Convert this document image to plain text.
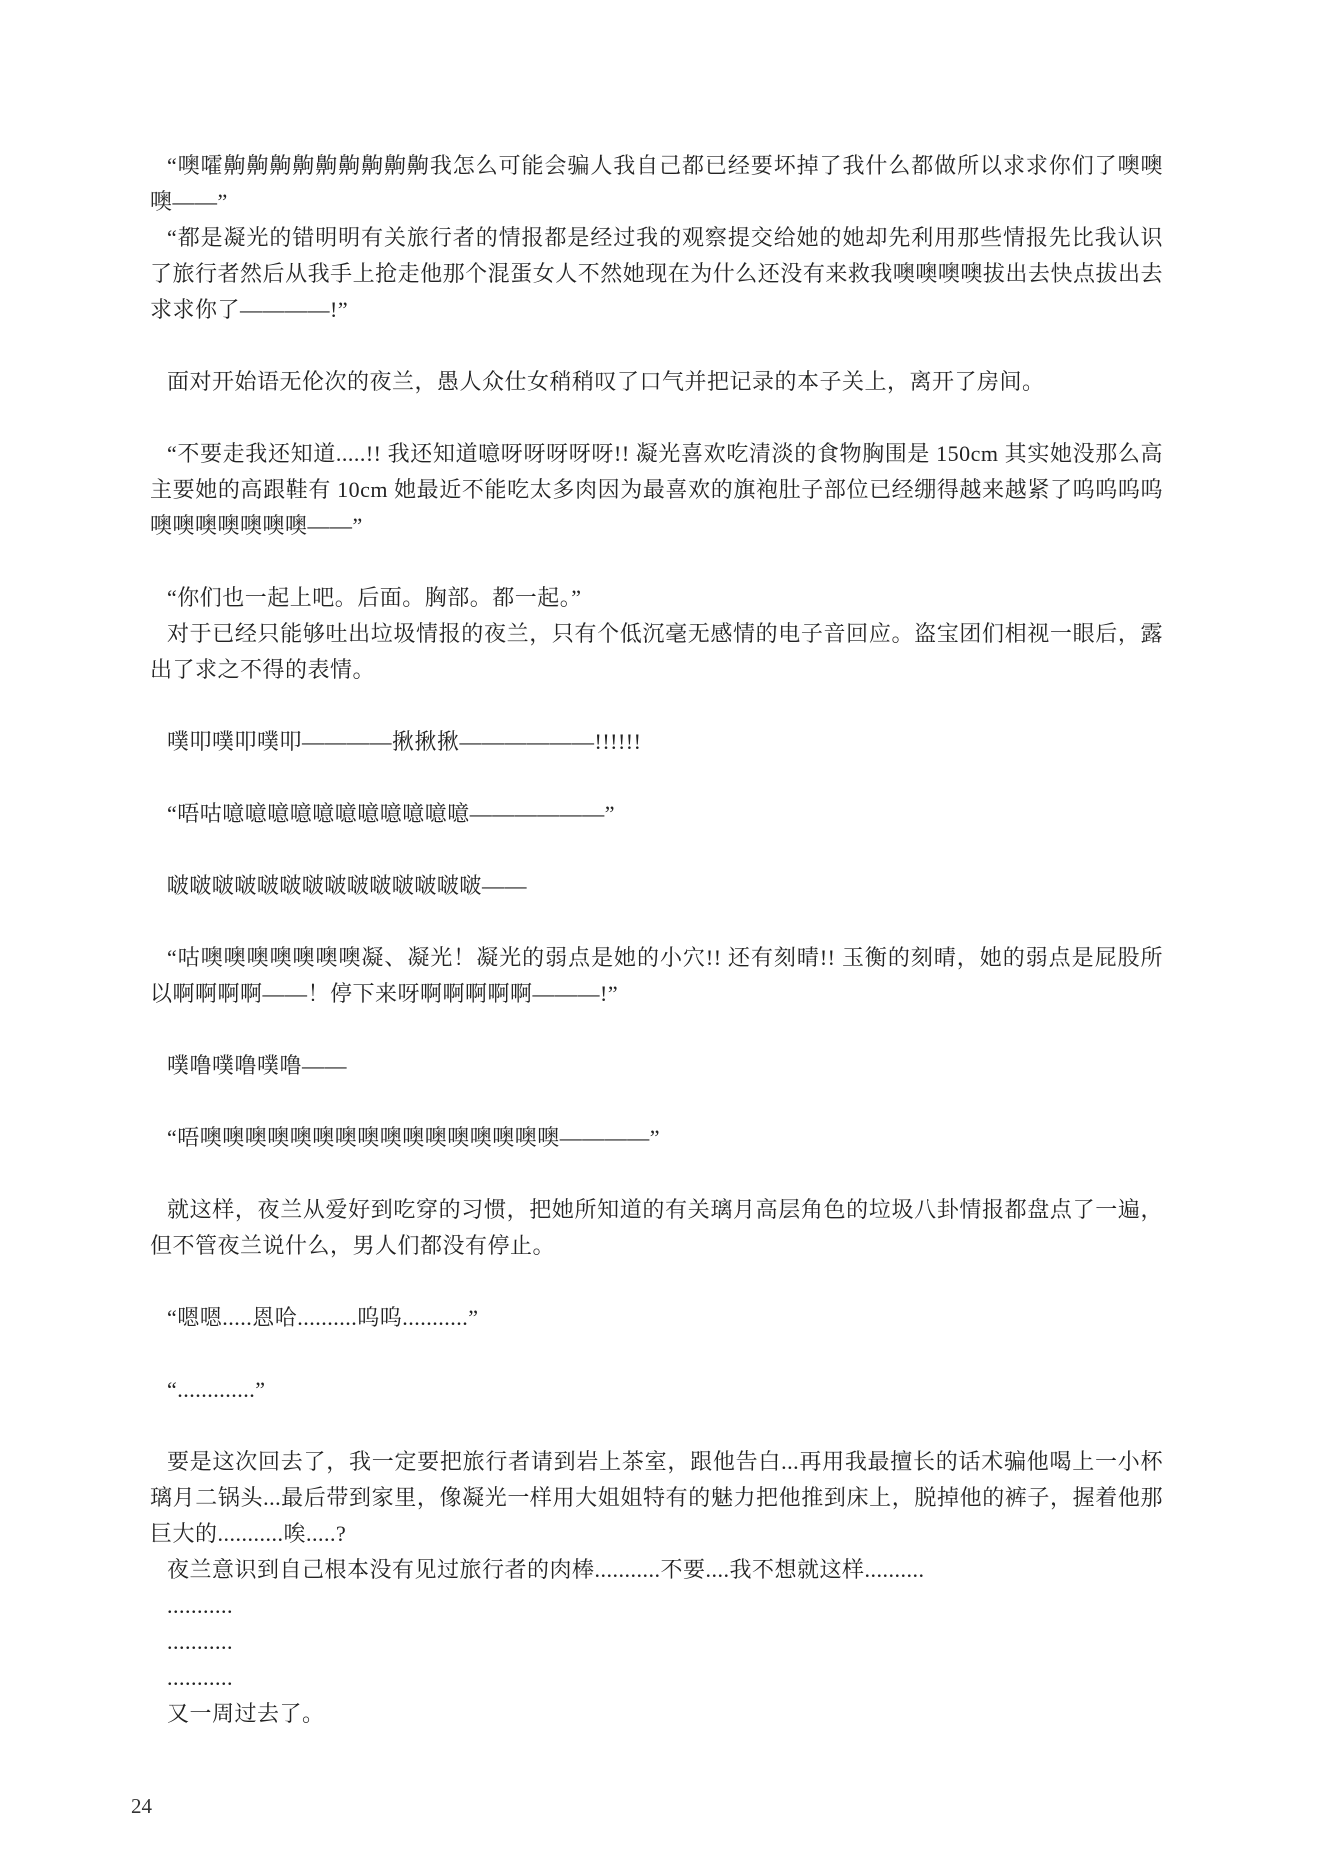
“噢嚯齁齁齁齁齁齁齁齁齁我怎么可能会骗人我自己都已经要坏掉了我什么都做所以求求你们了噢噢噢——”

“都是凝光的错明明有关旅行者的情报都是经过我的观察提交给她的她却先利用那些情报先比我认识了旅行者然后从我手上抢走他那个混蛋女人不然她现在为什么还没有来救我噢噢噢噢拔出去快点拔出去求求你了————!”

面对开始语无伦次的夜兰，愚人众仕女稍稍叹了口气并把记录的本子关上，离开了房间。

“不要走我还知道.....!! 我还知道噫呀呀呀呀呀!! 凝光喜欢吃清淡的食物胸围是 150cm 其实她没那么高主要她的高跟鞋有 10cm 她最近不能吃太多肉因为最喜欢的旗袍肚子部位已经绷得越来越紧了呜呜呜呜噢噢噢噢噢噢噢——”

“你们也一起上吧。后面。胸部。都一起。”

对于已经只能够吐出垃圾情报的夜兰，只有个低沉毫无感情的电子音回应。盗宝团们相视一眼后，露出了求之不得的表情。

噗叩噗叩噗叩————揪揪揪——————!!!!!!

“唔咕噫噫噫噫噫噫噫噫噫噫噫——————”

啵啵啵啵啵啵啵啵啵啵啵啵啵啵——

“咕噢噢噢噢噢噢噢凝、凝光！凝光的弱点是她的小穴!! 还有刻晴!! 玉衡的刻晴，她的弱点是屁股所以啊啊啊啊——！停下来呀啊啊啊啊啊———!”

噗噜噗噜噗噜——

“唔噢噢噢噢噢噢噢噢噢噢噢噢噢噢噢噢————”

就这样，夜兰从爱好到吃穿的习惯，把她所知道的有关璃月高层角色的垃圾八卦情报都盘点了一遍，但不管夜兰说什么，男人们都没有停止。

“嗯嗯.....恩哈..........呜呜...........”

“.............”

要是这次回去了，我一定要把旅行者请到岩上茶室，跟他告白...再用我最擅长的话术骗他喝上一小杯璃月二锅头...最后带到家里，像凝光一样用大姐姐特有的魅力把他推到床上，脱掉他的裤子，握着他那巨大的...........唉.....?

夜兰意识到自己根本没有见过旅行者的肉棒...........不要....我不想就这样..........

...........

...........

...........

又一周过去了。

24
